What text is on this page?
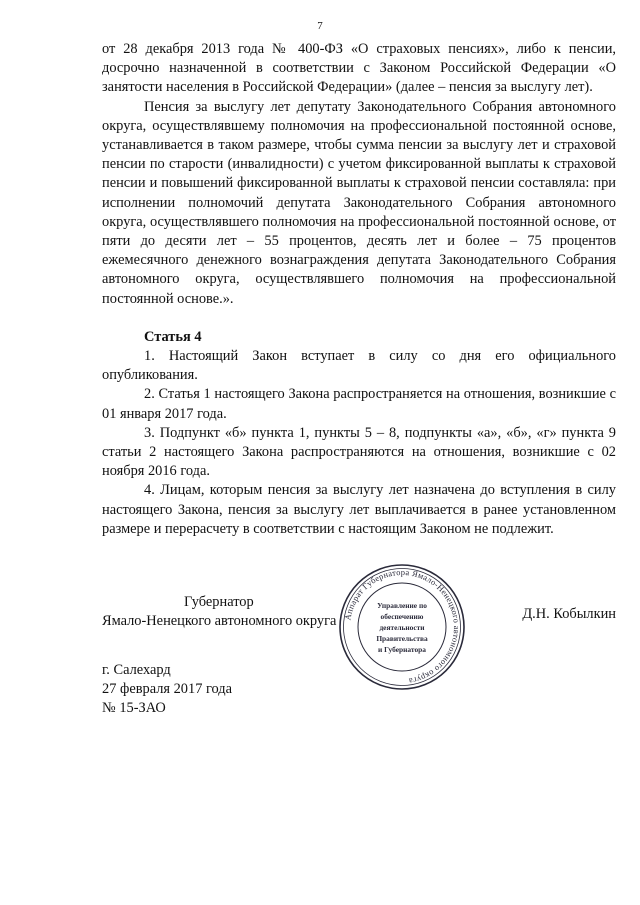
7

от 28 декабря 2013 года № 400-ФЗ «О страховых пенсиях», либо к пенсии, досрочно назначенной в соответствии с Законом Российской Федерации «О занятости населения в Российской Федерации» (далее – пенсия за выслугу лет).

Пенсия за выслугу лет депутату Законодательного Собрания автономного округа, осуществлявшему полномочия на профессиональной постоянной основе, устанавливается в таком размере, чтобы сумма пенсии за выслугу лет и страховой пенсии по старости (инвалидности) с учетом фиксированной выплаты к страховой пенсии и повышений фиксированной выплаты к страховой пенсии составляла: при исполнении полномочий депутата Законодательного Собрания автономного округа, осуществлявшего полномочия на профессиональной постоянной основе, от пяти до десяти лет – 55 процентов, десять лет и более – 75 процентов ежемесячного денежного вознаграждения депутата Законодательного Собрания автономного округа, осуществлявшего полномочия на профессиональной постоянной основе.».

Статья 4

1. Настоящий Закон вступает в силу со дня его официального опубликования.

2. Статья 1 настоящего Закона распространяется на отношения, возникшие с 01 января 2017 года.

3. Подпункт «б» пункта 1, пункты 5 – 8, подпункты «а», «б», «г» пункта 9 статьи 2 настоящего Закона распространяются на отношения, возникшие с 02 ноября 2016 года.

4. Лицам, которым пенсия за выслугу лет назначена до вступления в силу настоящего Закона, пенсия за выслугу лет выплачивается в ранее установленном размере и перерасчету в соответствии с настоящим Законом не подлежит.

Губернатор
Ямало-Ненецкого автономного округа	Д.Н. Кобылкин
Аппарат Губернатора Ямало-Ненецкого автономного округа
Управление по
обеспечению
деятельности
Правительства
и Губернатора
г. Салехард
27 февраля 2017 года
№ 15-ЗАО
